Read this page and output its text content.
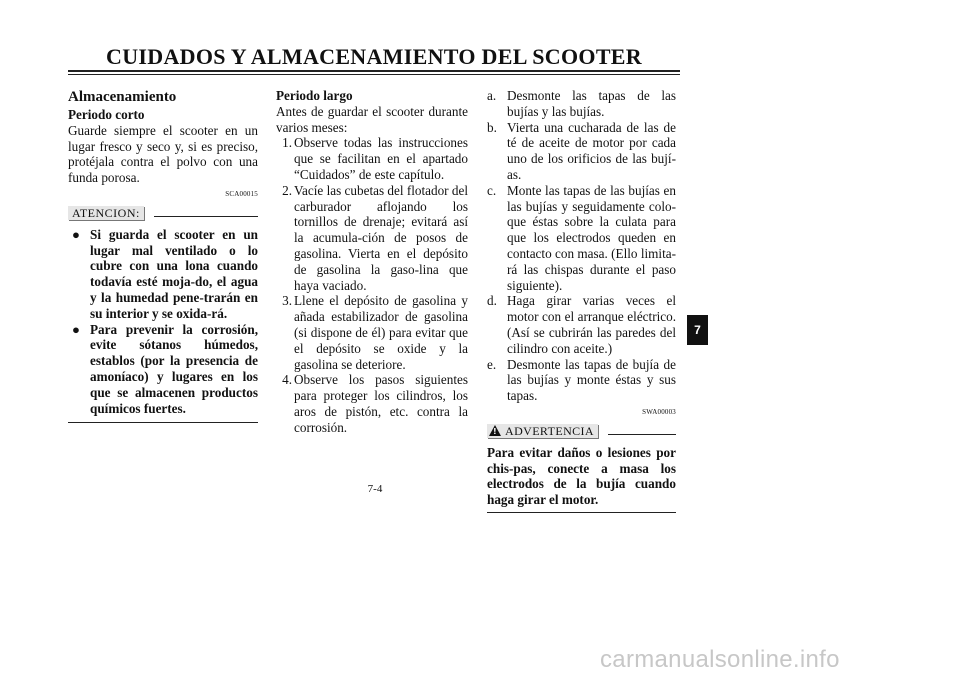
CUIDADOS Y ALMACENAMIENTO DEL SCOOTER
Almacenamiento
Periodo corto

Guarde siempre el scooter en un lugar fresco y seco y, si es preciso, protéjala contra el polvo con una funda porosa.

SCA00015
ATENCION:
● Si guarda el scooter en un lugar mal ventilado o lo cubre con una lona cuando todavía esté moja-do, el agua y la humedad pene-trarán en su interior y se oxida-rá.
● Para prevenir la corrosión, evite sótanos húmedos, establos (por la presencia de amoníaco) y lugares en los que se almacenen productos químicos fuertes.
Periodo largo

Antes de guardar el scooter durante varios meses:

1. Observe todas las instrucciones que se facilitan en el apartado “Cuidados” de este capítulo.
2. Vacíe las cubetas del flotador del carburador aflojando los tornillos de drenaje; evitará así la acumula-ción de posos de gasolina. Vierta en el depósito de gasolina la gaso-lina que haya vaciado.
3. Llene el depósito de gasolina y añada estabilizador de gasolina (si dispone de él) para evitar que el depósito se oxide y la gasolina se deteriore.
4. Observe los pasos siguientes para proteger los cilindros, los aros de pistón, etc. contra la corrosión.
a. Desmonte las tapas de las bujías y las bujías.
b. Vierta una cucharada de las de té de aceite de motor por cada uno de los orificios de las bují-as.
c. Monte las tapas de las bujías en las bujías y seguidamente colo-que éstas sobre la culata para que los electrodos queden en contacto con masa. (Ello limita-rá las chispas durante el paso siguiente).
d. Haga girar varias veces el motor con el arranque eléctrico. (Así se cubrirán las paredes del cilindro con aceite.)
e. Desmonte las tapas de bujía de las bujías y monte éstas y sus tapas.
SWA00003
! ADVERTENCIA

Para evitar daños o lesiones por chis-pas, conecte a masa los electrodos de la bujía cuando haga girar el motor.

7-4
7
carmanualsonline.info
